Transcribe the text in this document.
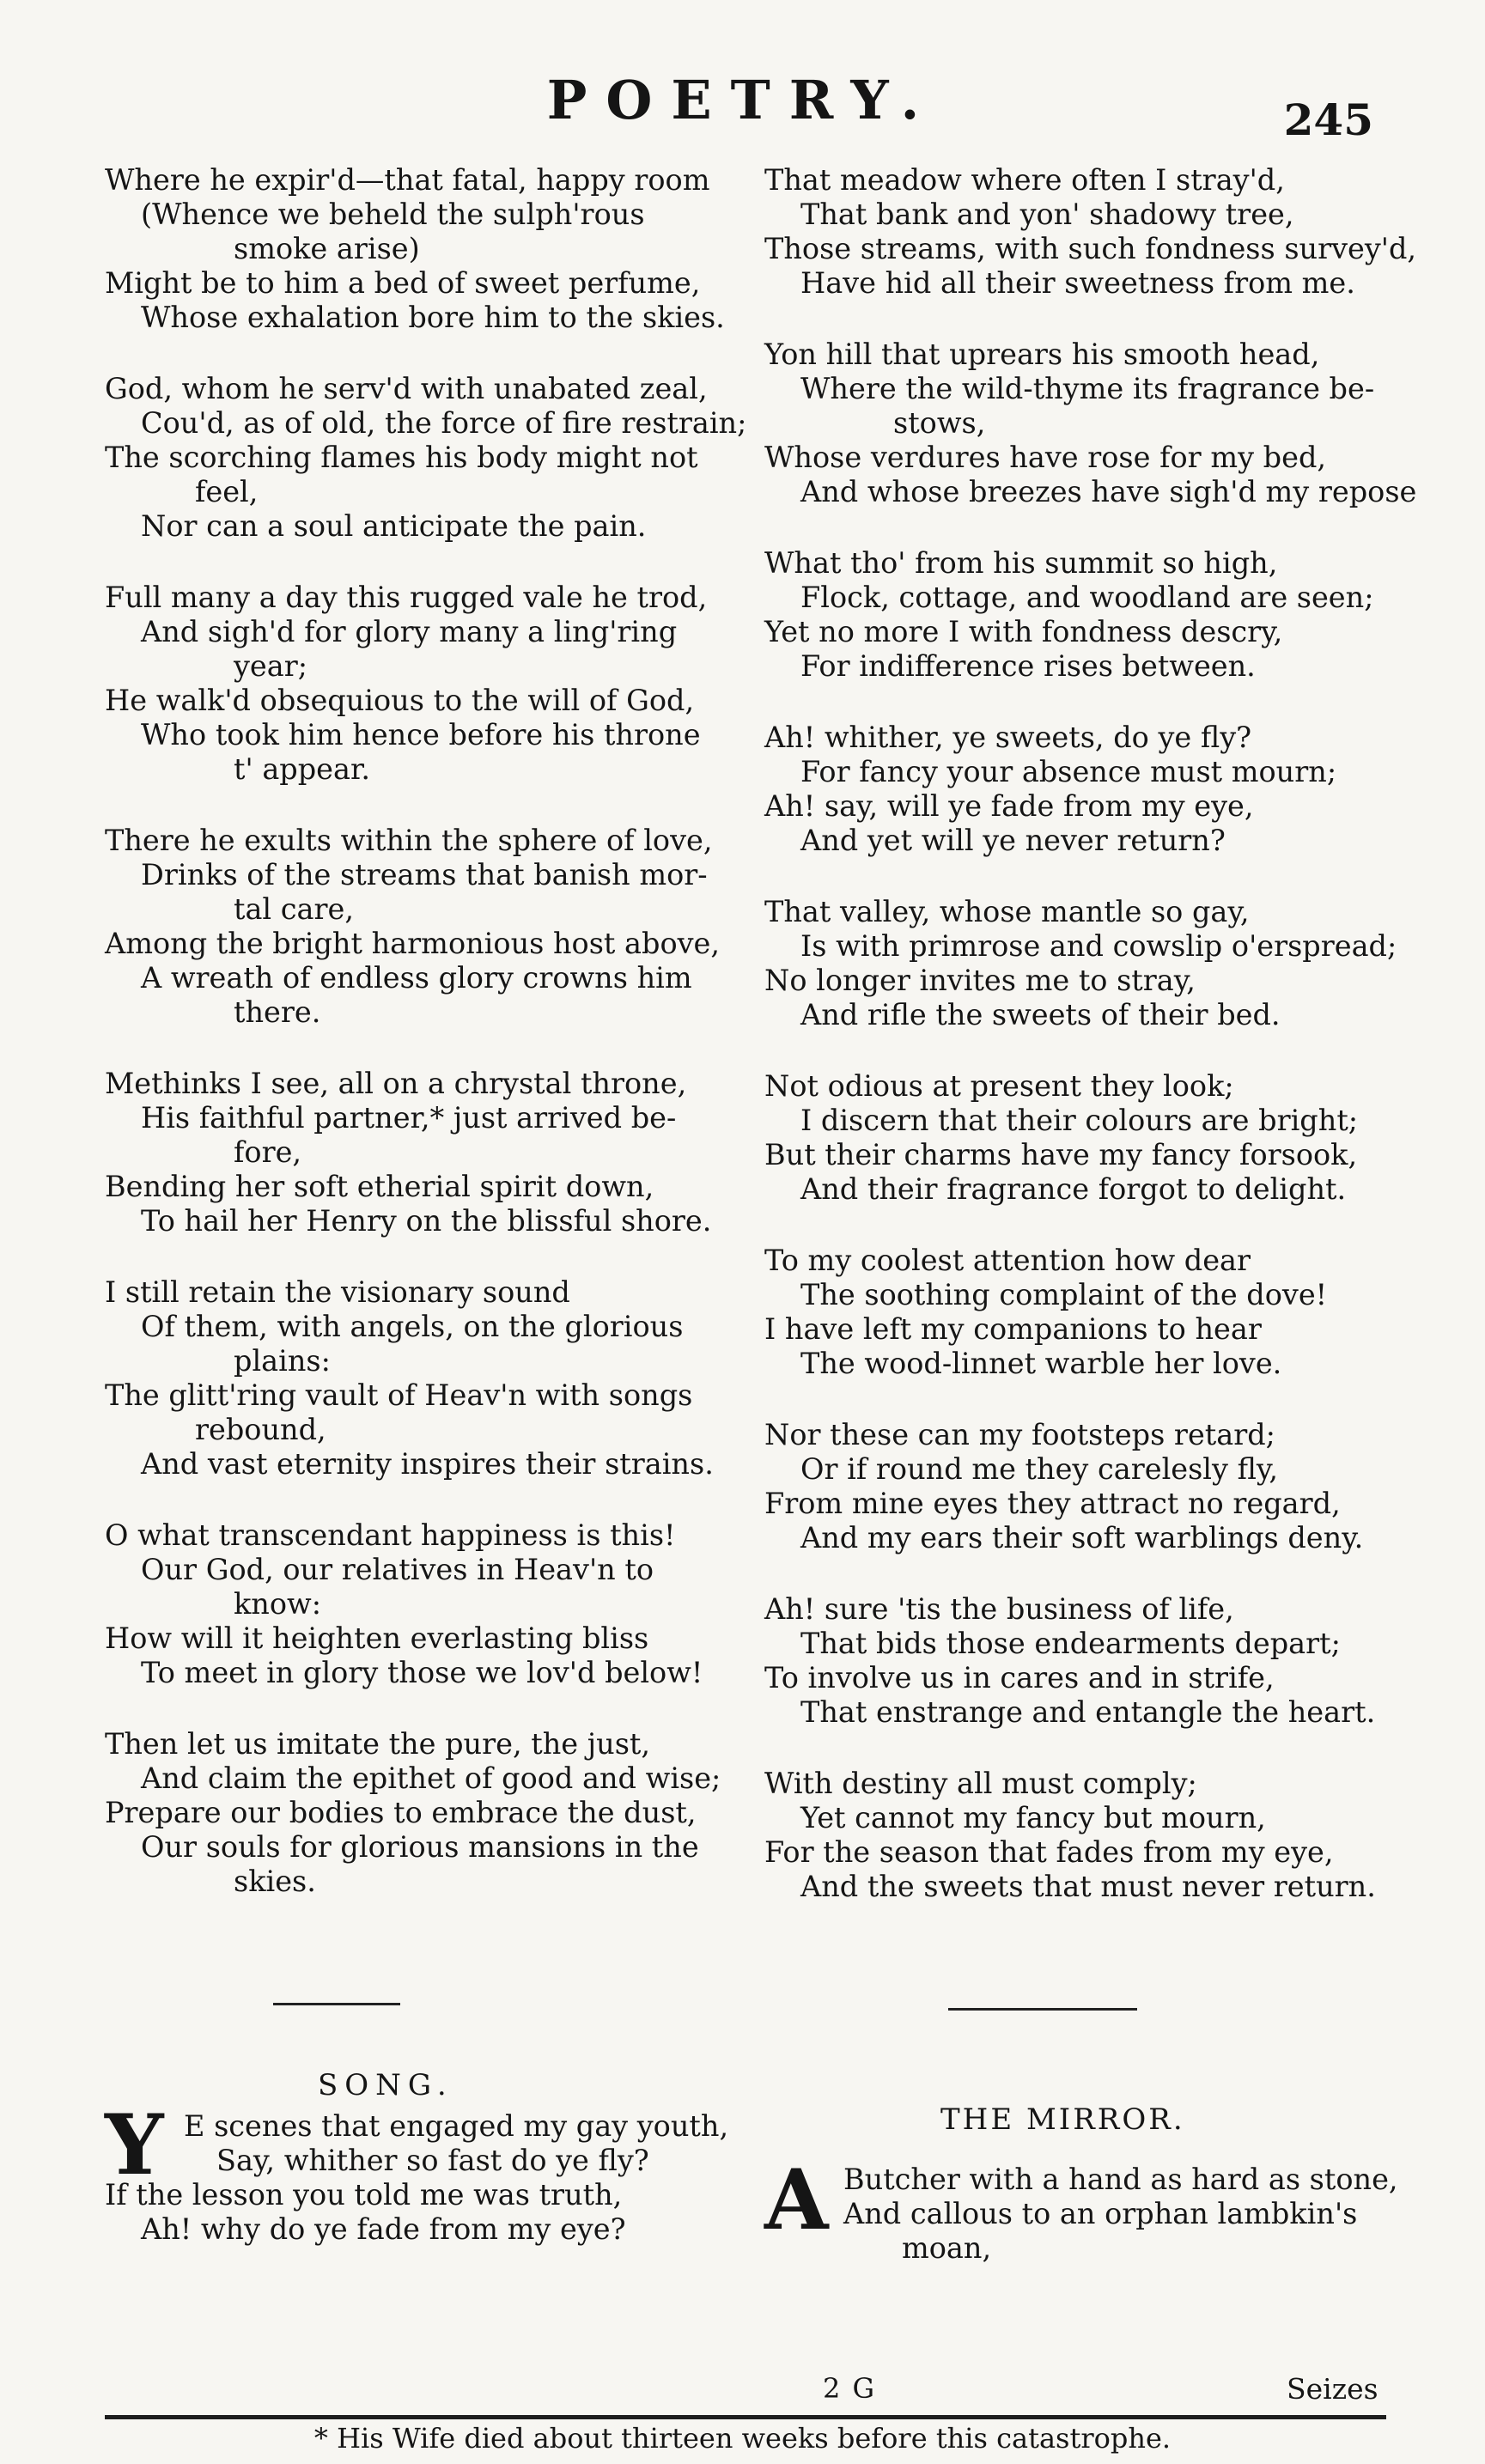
POETRY.	245
Where he expir'd—that fatal, happy room
(Whence we beheld the sulph'rous
smoke arise)
Might be to him a bed of sweet perfume,
Whose exhalation bore him to the skies.
God, whom he serv'd with unabated zeal,
Cou'd, as of old, the force of fire restrain;
The scorching flames his body might not
feel,
Nor can a soul anticipate the pain.
Full many a day this rugged vale he trod,
And sigh'd for glory many a ling'ring
year;
He walk'd obsequious to the will of God,
Who took him hence before his throne
t' appear.
There he exults within the sphere of love,
Drinks of the streams that banish mor-
tal care,
Among the bright harmonious host above,
A wreath of endless glory crowns him
there.
Methinks I see, all on a chrystal throne,
His faithful partner,* just arrived be-
fore,
Bending her soft etherial spirit down,
To hail her Henry on the blissful shore.
I still retain the visionary sound
Of them, with angels, on the glorious
plains:
The glitt'ring vault of Heav'n with songs
rebound,
And vast eternity inspires their strains.
O what transcendant happiness is this!
Our God, our relatives in Heav'n to
know:
How will it heighten everlasting bliss
To meet in glory those we lov'd below!
Then let us imitate the pure, the just,
And claim the epithet of good and wise;
Prepare our bodies to embrace the dust,
Our souls for glorious mansions in the
skies.
That meadow where often I stray'd,
That bank and yon' shadowy tree,
Those streams, with such fondness survey'd,
Have hid all their sweetness from me.
Yon hill that uprears his smooth head,
Where the wild-thyme its fragrance be-
stows,
Whose verdures have rose for my bed,
And whose breezes have sigh'd my repose
What tho' from his summit so high,
Flock, cottage, and woodland are seen;
Yet no more I with fondness descry,
For indifference rises between.
Ah! whither, ye sweets, do ye fly?
For fancy your absence must mourn;
Ah! say, will ye fade from my eye,
And yet will ye never return?
That valley, whose mantle so gay,
Is with primrose and cowslip o'erspread;
No longer invites me to stray,
And rifle the sweets of their bed.
Not odious at present they look;
I discern that their colours are bright;
But their charms have my fancy forsook,
And their fragrance forgot to delight.
To my coolest attention how dear
The soothing complaint of the dove!
I have left my companions to hear
The wood-linnet warble her love.
Nor these can my footsteps retard;
Or if round me they carelesly fly,
From mine eyes they attract no regard,
And my ears their soft warblings deny.
Ah! sure 'tis the business of life,
That bids those endearments depart;
To involve us in cares and in strife,
That enstrange and entangle the heart.
With destiny all must comply;
Yet cannot my fancy but mourn,
For the season that fades from my eye,
And the sweets that must never return.
SONG.
Y E scenes that engaged my gay youth,
Say, whither so fast do ye fly?
If the lesson you told me was truth,
Ah! why do ye fade from my eye?
THE MIRROR.
A Butcher with a hand as hard as stone,
And callous to an orphan lambkin's
moan,
2 G	Seizes
* His Wife died about thirteen weeks before this catastrophe.
